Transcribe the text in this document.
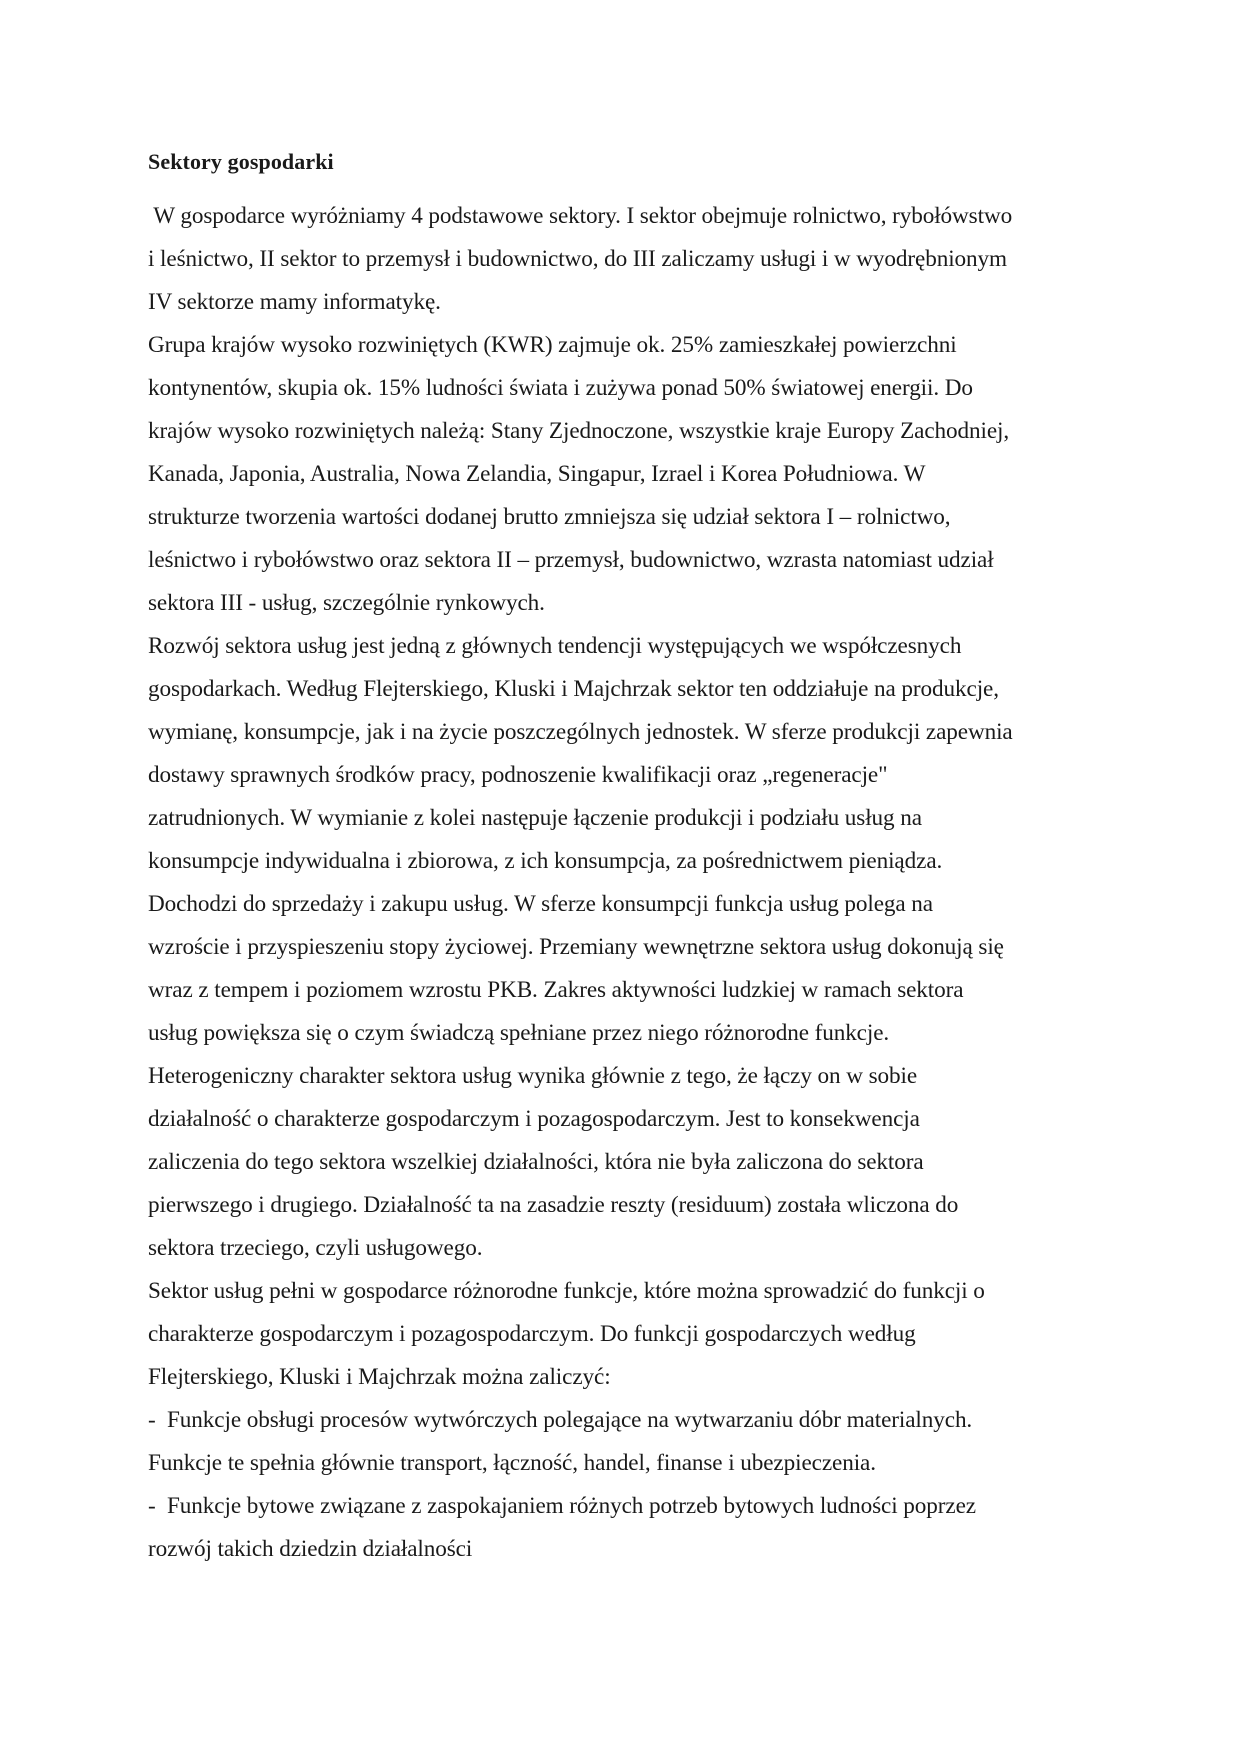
Sektory gospodarki

W gospodarce wyróżniamy 4 podstawowe sektory. I sektor obejmuje rolnictwo, rybołówstwo
i leśnictwo, II sektor to przemysł i budownictwo, do III zaliczamy usługi i w wyodrębnionym
IV sektorze mamy informatykę.

Grupa krajów wysoko rozwiniętych (KWR) zajmuje ok. 25% zamieszkałej powierzchni
kontynentów, skupia ok. 15% ludności świata i zużywa ponad 50% światowej energii. Do
krajów wysoko rozwiniętych należą: Stany Zjednoczone, wszystkie kraje Europy Zachodniej,
Kanada, Japonia, Australia, Nowa Zelandia, Singapur, Izrael i Korea Południowa. W
strukturze tworzenia wartości dodanej brutto zmniejsza się udział sektora I – rolnictwo,
leśnictwo i rybołówstwo oraz sektora II – przemysł, budownictwo, wzrasta natomiast udział
sektora III - usług, szczególnie rynkowych.

Rozwój sektora usług jest jedną z głównych tendencji występujących we współczesnych
gospodarkach. Według Flejterskiego, Kluski i Majchrzak sektor ten oddziałuje na produkcje,
wymianę, konsumpcje, jak i na życie poszczególnych jednostek. W sferze produkcji zapewnia
dostawy sprawnych środków pracy, podnoszenie kwalifikacji oraz „regeneracje"
zatrudnionych. W wymianie z kolei następuje łączenie produkcji i podziału usług na
konsumpcje indywidualna i zbiorowa, z ich konsumpcja, za pośrednictwem pieniądza.
Dochodzi do sprzedaży i zakupu usług. W sferze konsumpcji funkcja usług polega na
wzroście i przyspieszeniu stopy życiowej. Przemiany wewnętrzne sektora usług dokonują się
wraz z tempem i poziomem wzrostu PKB. Zakres aktywności ludzkiej w ramach sektora
usług powiększa się o czym świadczą spełniane przez niego różnorodne funkcje.
Heterogeniczny charakter sektora usług wynika głównie z tego, że łączy on w sobie
działalność o charakterze gospodarczym i pozagospodarczym. Jest to konsekwencja
zaliczenia do tego sektora wszelkiej działalności, która nie była zaliczona do sektora
pierwszego i drugiego. Działalność ta na zasadzie reszty (residuum) została wliczona do
sektora trzeciego, czyli usługowego.

Sektor usług pełni w gospodarce różnorodne funkcje, które można sprowadzić do funkcji o
charakterze gospodarczym i pozagospodarczym. Do funkcji gospodarczych według
Flejterskiego, Kluski i Majchrzak można zaliczyć:

-  Funkcje obsługi procesów wytwórczych polegające na wytwarzaniu dóbr materialnych.
Funkcje te spełnia głównie transport, łączność, handel, finanse i ubezpieczenia.

-  Funkcje bytowe związane z zaspokajaniem różnych potrzeb bytowych ludności poprzez
rozwój takich dziedzin działalności
